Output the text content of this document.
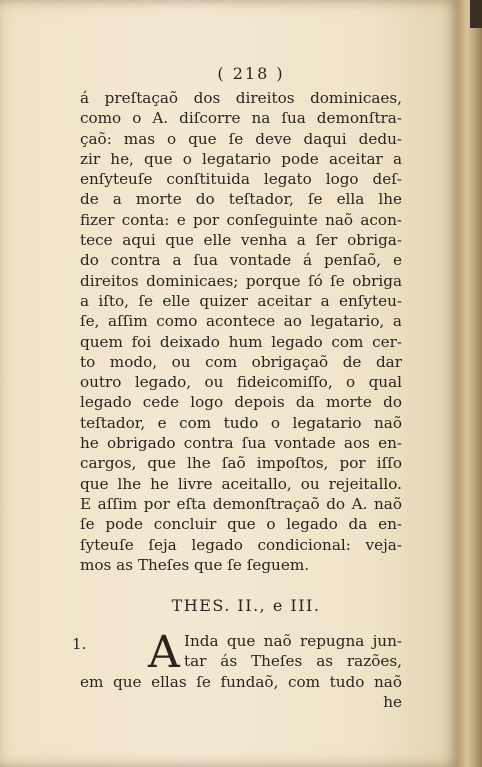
( 218 )
á preſtaçaõ dos direitos dominicaes,
como o A. diſcorre na ſua demonſtra-
çaõ: mas o que ſe deve daqui dedu-
zir he, que o legatario pode aceitar a
enſyteuſe conſtituida legato logo deſ-
de a morte do teſtador, ſe ella lhe
fizer conta: e por conſeguinte naõ acon-
tece aqui que elle venha a ſer obriga-
do contra a ſua vontade á penſaõ, e
direitos dominicaes; porque ſó ſe obriga
a iſto, ſe elle quizer aceitar a enſyteu-
ſe, aſſim como acontece ao legatario, a
quem foi deixado hum legado com cer-
to modo, ou com obrigaçaõ de dar
outro legado, ou fideicomiſſo, o qual
legado cede logo depois da morte do
teſtador, e com tudo o legatario naõ
he obrigado contra ſua vontade aos en-
cargos, que lhe ſaõ impoſtos, por iſſo
que lhe he livre aceitallo, ou rejeitallo.
E aſſim por eſta demonſtraçaõ do A. naõ
ſe pode concluir que o legado da en-
ſyteuſe ſeja legado condicional: veja-
mos as Theſes que ſe ſeguem.
THES. II., e III.
1. A Inda que naõ repugna jun-
tar ás Theſes as razões,
em que ellas ſe fundaõ, com tudo naõ
he
